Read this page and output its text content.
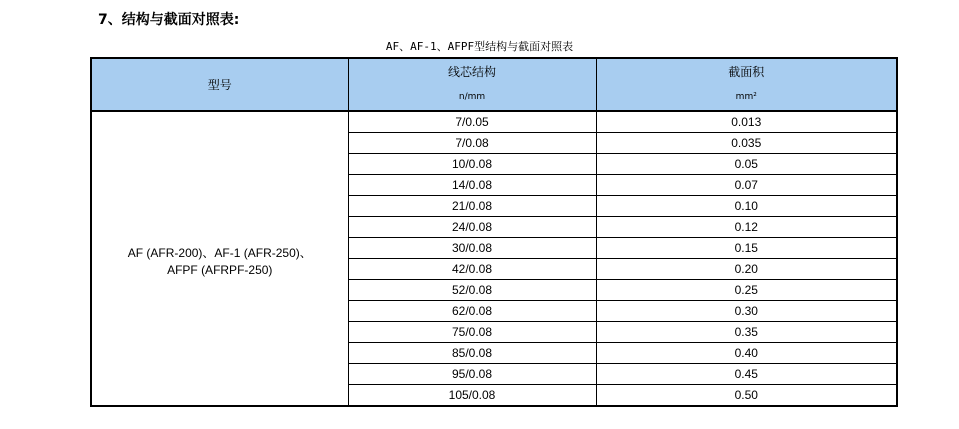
7、结构与截面对照表:
AF、AF-1、AFPF型结构与截面对照表
型号	线芯结构	截面积
	n/mm	mm²

AF (AFR-200)、AF-1 (AFR-250)、
AFPF (AFRPF-250)	7/0.05	0.013
	7/0.08	0.035
	10/0.08	0.05
	14/0.08	0.07
	21/0.08	0.10
	24/0.08	0.12
	30/0.08	0.15
	42/0.08	0.20
	52/0.08	0.25
	62/0.08	0.30
	75/0.08	0.35
	85/0.08	0.40
	95/0.08	0.45
	105/0.08	0.50
